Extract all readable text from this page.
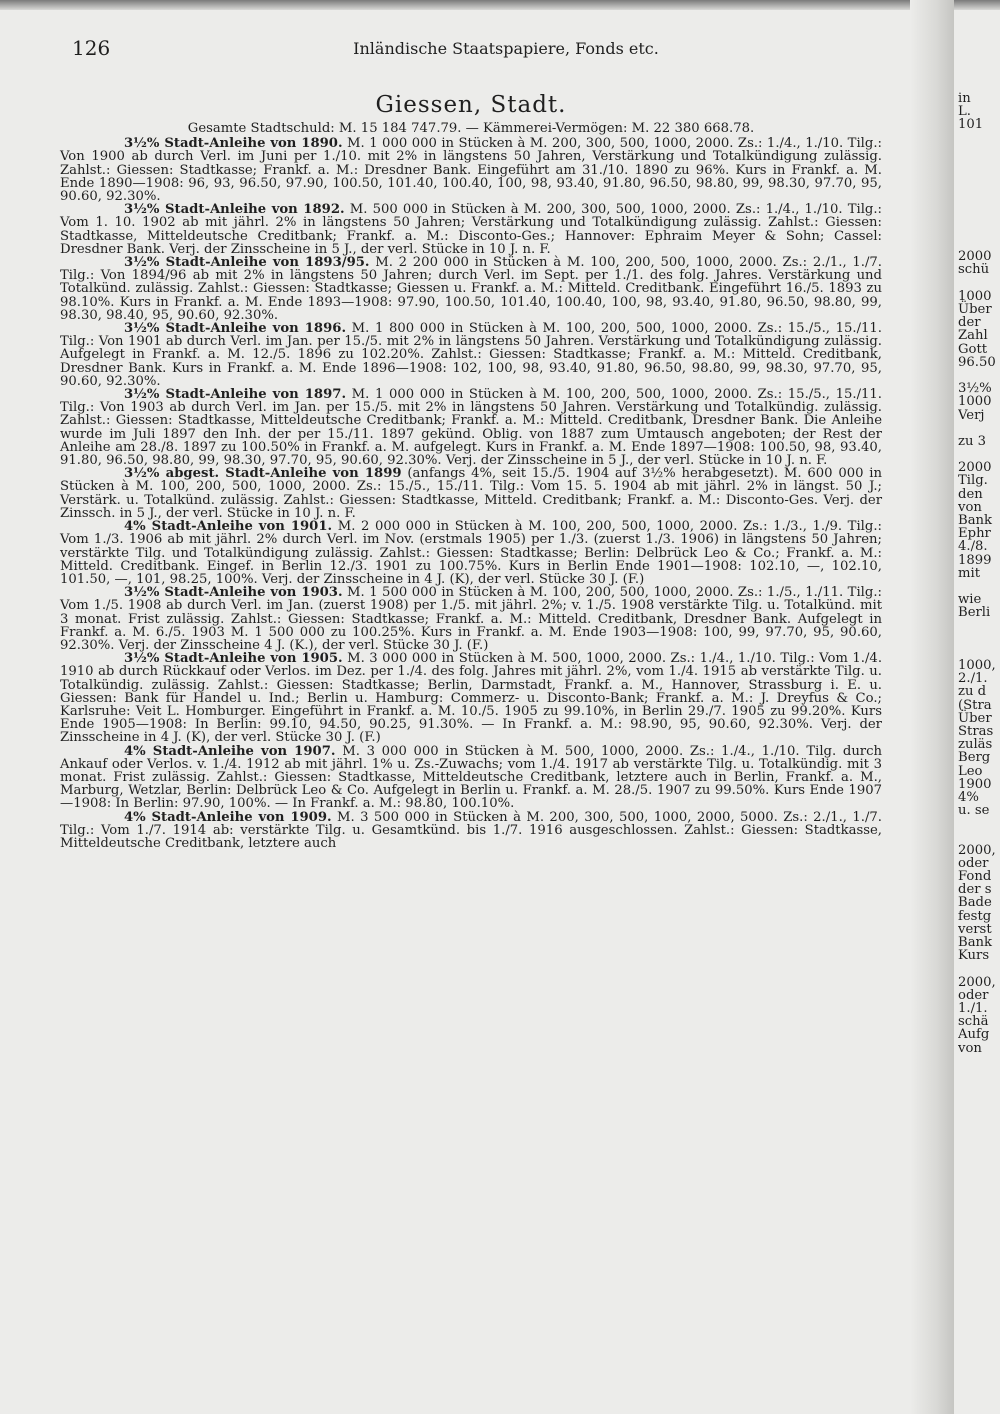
126	Inländische Staatspapiere, Fonds etc.
Giessen, Stadt.
Gesamte Stadtschuld: M. 15 184 747.79. — Kämmerei-Vermögen: M. 22 380 668.78.

3½% Stadt-Anleihe von 1890. M. 1 000 000 in Stücken à M. 200, 300, 500, 1000, 2000. Zs.: 1./4., 1./10. Tilg.: Von 1900 ab durch Verl. im Juni per 1./10. mit 2% in längstens 50 Jahren, Verstärkung und Totalkündigung zulässig. Zahlst.: Giessen: Stadtkasse; Frankf. a. M.: Dresdner Bank. Eingeführt am 31./10. 1890 zu 96%. Kurs in Frankf. a. M. Ende 1890—1908: 96, 93, 96.50, 97.90, 100.50, 101.40, 100.40, 100, 98, 93.40, 91.80, 96.50, 98.80, 99, 98.30, 97.70, 95, 90.60, 92.30%.

3½% Stadt-Anleihe von 1892. M. 500 000 in Stücken à M. 200, 300, 500, 1000, 2000. Zs.: 1./4., 1./10. Tilg.: Vom 1. 10. 1902 ab mit jährl. 2% in längstens 50 Jahren; Verstärkung und Totalkündigung zulässig. Zahlst.: Giessen: Stadtkasse, Mitteldeutsche Creditbank; Frankf. a. M.: Disconto-Ges.; Hannover: Ephraim Meyer & Sohn; Cassel: Dresdner Bank. Verj. der Zinsscheine in 5 J., der verl. Stücke in 10 J. n. F.

3½% Stadt-Anleihe von 1893/95. M. 2 200 000 in Stücken à M. 100, 200, 500, 1000, 2000. Zs.: 2./1., 1./7. Tilg.: Von 1894/96 ab mit 2% in längstens 50 Jahren; durch Verl. im Sept. per 1./1. des folg. Jahres. Verstärkung und Totalkünd. zulässig. Zahlst.: Giessen: Stadtkasse; Giessen u. Frankf. a. M.: Mitteld. Creditbank. Eingeführt 16./5. 1893 zu 98.10%. Kurs in Frankf. a. M. Ende 1893—1908: 97.90, 100.50, 101.40, 100.40, 100, 98, 93.40, 91.80, 96.50, 98.80, 99, 98.30, 98.40, 95, 90.60, 92.30%.

3½% Stadt-Anleihe von 1896. M. 1 800 000 in Stücken à M. 100, 200, 500, 1000, 2000. Zs.: 15./5., 15./11. Tilg.: Von 1901 ab durch Verl. im Jan. per 15./5. mit 2% in längstens 50 Jahren. Verstärkung und Totalkündigung zulässig. Aufgelegt in Frankf. a. M. 12./5. 1896 zu 102.20%. Zahlst.: Giessen: Stadtkasse; Frankf. a. M.: Mitteld. Creditbank, Dresdner Bank. Kurs in Frankf. a. M. Ende 1896—1908: 102, 100, 98, 93.40, 91.80, 96.50, 98.80, 99, 98.30, 97.70, 95, 90.60, 92.30%.

3½% Stadt-Anleihe von 1897. M. 1 000 000 in Stücken à M. 100, 200, 500, 1000, 2000. Zs.: 15./5., 15./11. Tilg.: Von 1903 ab durch Verl. im Jan. per 15./5. mit 2% in längstens 50 Jahren. Verstärkung und Totalkündig. zulässig. Zahlst.: Giessen: Stadtkasse, Mitteldeutsche Creditbank; Frankf. a. M.: Mitteld. Creditbank, Dresdner Bank. Die Anleihe wurde im Juli 1897 den Inh. der per 15./11. 1897 gekünd. Oblig. von 1887 zum Umtausch angeboten; der Rest der Anleihe am 28./8. 1897 zu 100.50% in Frankf. a. M. aufgelegt. Kurs in Frankf. a. M. Ende 1897—1908: 100.50, 98, 93.40, 91.80, 96.50, 98.80, 99, 98.30, 97.70, 95, 90.60, 92.30%. Verj. der Zinsscheine in 5 J., der verl. Stücke in 10 J. n. F.

3½% abgest. Stadt-Anleihe von 1899 (anfangs 4%, seit 15./5. 1904 auf 3½% herabgesetzt). M. 600 000 in Stücken à M. 100, 200, 500, 1000, 2000. Zs.: 15./5., 15./11. Tilg.: Vom 15. 5. 1904 ab mit jährl. 2% in längst. 50 J.; Verstärk. u. Totalkünd. zulässig. Zahlst.: Giessen: Stadtkasse, Mitteld. Creditbank; Frankf. a. M.: Disconto-Ges. Verj. der Zinssch. in 5 J., der verl. Stücke in 10 J. n. F.

4% Stadt-Anleihe von 1901. M. 2 000 000 in Stücken à M. 100, 200, 500, 1000, 2000. Zs.: 1./3., 1./9. Tilg.: Vom 1./3. 1906 ab mit jährl. 2% durch Verl. im Nov. (erstmals 1905) per 1./3. (zuerst 1./3. 1906) in längstens 50 Jahren; verstärkte Tilg. und Totalkündigung zulässig. Zahlst.: Giessen: Stadtkasse; Berlin: Delbrück Leo & Co.; Frankf. a. M.: Mitteld. Creditbank. Eingef. in Berlin 12./3. 1901 zu 100.75%. Kurs in Berlin Ende 1901—1908: 102.10, —, 102.10, 101.50, —, 101, 98.25, 100%. Verj. der Zinsscheine in 4 J. (K), der verl. Stücke 30 J. (F.)

3½% Stadt-Anleihe von 1903. M. 1 500 000 in Stücken à M. 100, 200, 500, 1000, 2000. Zs.: 1./5., 1./11. Tilg.: Vom 1./5. 1908 ab durch Verl. im Jan. (zuerst 1908) per 1./5. mit jährl. 2%; v. 1./5. 1908 verstärkte Tilg. u. Totalkünd. mit 3 monat. Frist zulässig. Zahlst.: Giessen: Stadtkasse; Frankf. a. M.: Mitteld. Creditbank, Dresdner Bank. Aufgelegt in Frankf. a. M. 6./5. 1903 M. 1 500 000 zu 100.25%. Kurs in Frankf. a. M. Ende 1903—1908: 100, 99, 97.70, 95, 90.60, 92.30%. Verj. der Zinsscheine 4 J. (K.), der verl. Stücke 30 J. (F.)

3½% Stadt-Anleihe von 1905. M. 3 000 000 in Stücken à M. 500, 1000, 2000. Zs.: 1./4., 1./10. Tilg.: Vom 1./4. 1910 ab durch Rückkauf oder Verlos. im Dez. per 1./4. des folg. Jahres mit jährl. 2%, vom 1./4. 1915 ab verstärkte Tilg. u. Totalkündig. zulässig. Zahlst.: Giessen: Stadtkasse; Berlin, Darmstadt, Frankf. a. M., Hannover, Strassburg i. E. u. Giessen: Bank für Handel u. Ind.; Berlin u. Hamburg: Commerz- u. Disconto-Bank; Frankf. a. M.: J. Dreyfus & Co.; Karlsruhe: Veit L. Homburger. Eingeführt in Frankf. a. M. 10./5. 1905 zu 99.10%, in Berlin 29./7. 1905 zu 99.20%. Kurs Ende 1905—1908: In Berlin: 99.10, 94.50, 90.25, 91.30%. — In Frankf. a. M.: 98.90, 95, 90.60, 92.30%. Verj. der Zinsscheine in 4 J. (K), der verl. Stücke 30 J. (F.)

4% Stadt-Anleihe von 1907. M. 3 000 000 in Stücken à M. 500, 1000, 2000. Zs.: 1./4., 1./10. Tilg. durch Ankauf oder Verlos. v. 1./4. 1912 ab mit jährl. 1% u. Zs.-Zuwachs; vom 1./4. 1917 ab verstärkte Tilg. u. Totalkündig. mit 3 monat. Frist zulässig. Zahlst.: Giessen: Stadtkasse, Mitteldeutsche Creditbank, letztere auch in Berlin, Frankf. a. M., Marburg, Wetzlar, Berlin: Delbrück Leo & Co. Aufgelegt in Berlin u. Frankf. a. M. 28./5. 1907 zu 99.50%. Kurs Ende 1907—1908: In Berlin: 97.90, 100%. — In Frankf. a. M.: 98.80, 100.10%.

4% Stadt-Anleihe von 1909. M. 3 500 000 in Stücken à M. 200, 300, 500, 1000, 2000, 5000. Zs.: 2./1., 1./7. Tilg.: Vom 1./7. 1914 ab: verstärkte Tilg. u. Gesamtkünd. bis 1./7. 1916 ausgeschlossen. Zahlst.: Giessen: Stadtkasse, Mitteldeutsche Creditbank, letztere auch

in
L.
101
2000
schü
1000
Über
der
Zahl
Gott
96.50
3½%
1000
Verj
zu 3
2000
Tilg.
den
von
Bank
Ephr
4./8.
1899
mit
wie
Berli
1000,
2./1.
zu d
(Stra
Über
Stras
zuläs
Berg
Leo
1900
4%
u. se
2000,
oder
Fond
der s
Bade
festg
verst
Bank
Kurs
2000,
oder
1./1.
schä
Aufg
von
